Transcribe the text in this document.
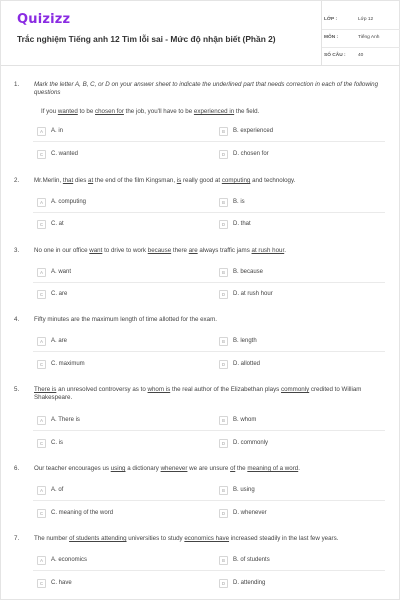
Quizizz
Trắc nghiệm Tiếng anh 12 Tìm lỗi sai - Mức độ nhận biết (Phần 2)
LỚP :	Lớp 12
MÔN :	Tiếng Anh
SỐ CÂU :	40
1. Mark the letter A, B, C, or D on your answer sheet to indicate the underlined part that needs correction in each of the following questions
If you wanted to be chosen for the job, you'll have to be experienced in the field.
A	A. in	B	B. experienced
C	C. wanted	D	D. chosen for
2. Mr.Merlin, that dies at the end of the film Kingsman, is really good at computing and technology.
A	A. computing	B	B. is
C	C. at	D	D. that
3. No one in our office want to drive to work because there are always traffic jams at rush hour.
A	A. want	B	B. because
C	C. are	D	D. at rush hour
4. Fifty minutes are the maximum length of time allotted for the exam.
A	A. are	B	B. length
C	C. maximum	D	D. allotted
5. There is an unresolved controversy as to whom is the real author of the Elizabethan plays commonly credited to William Shakespeare.
A	A. There is	B	B. whom
C	C. is	D	D. commonly
6. Our teacher encourages us using a dictionary whenever we are unsure of the meaning of a word.
A	A. of	B	B. using
C	C. meaning of the word	D	D. whenever
7. The number of students attending universities to study economics have increased steadily in the last few years.
A	A. economics	B	B. of students
C	C. have	D	D. attending
